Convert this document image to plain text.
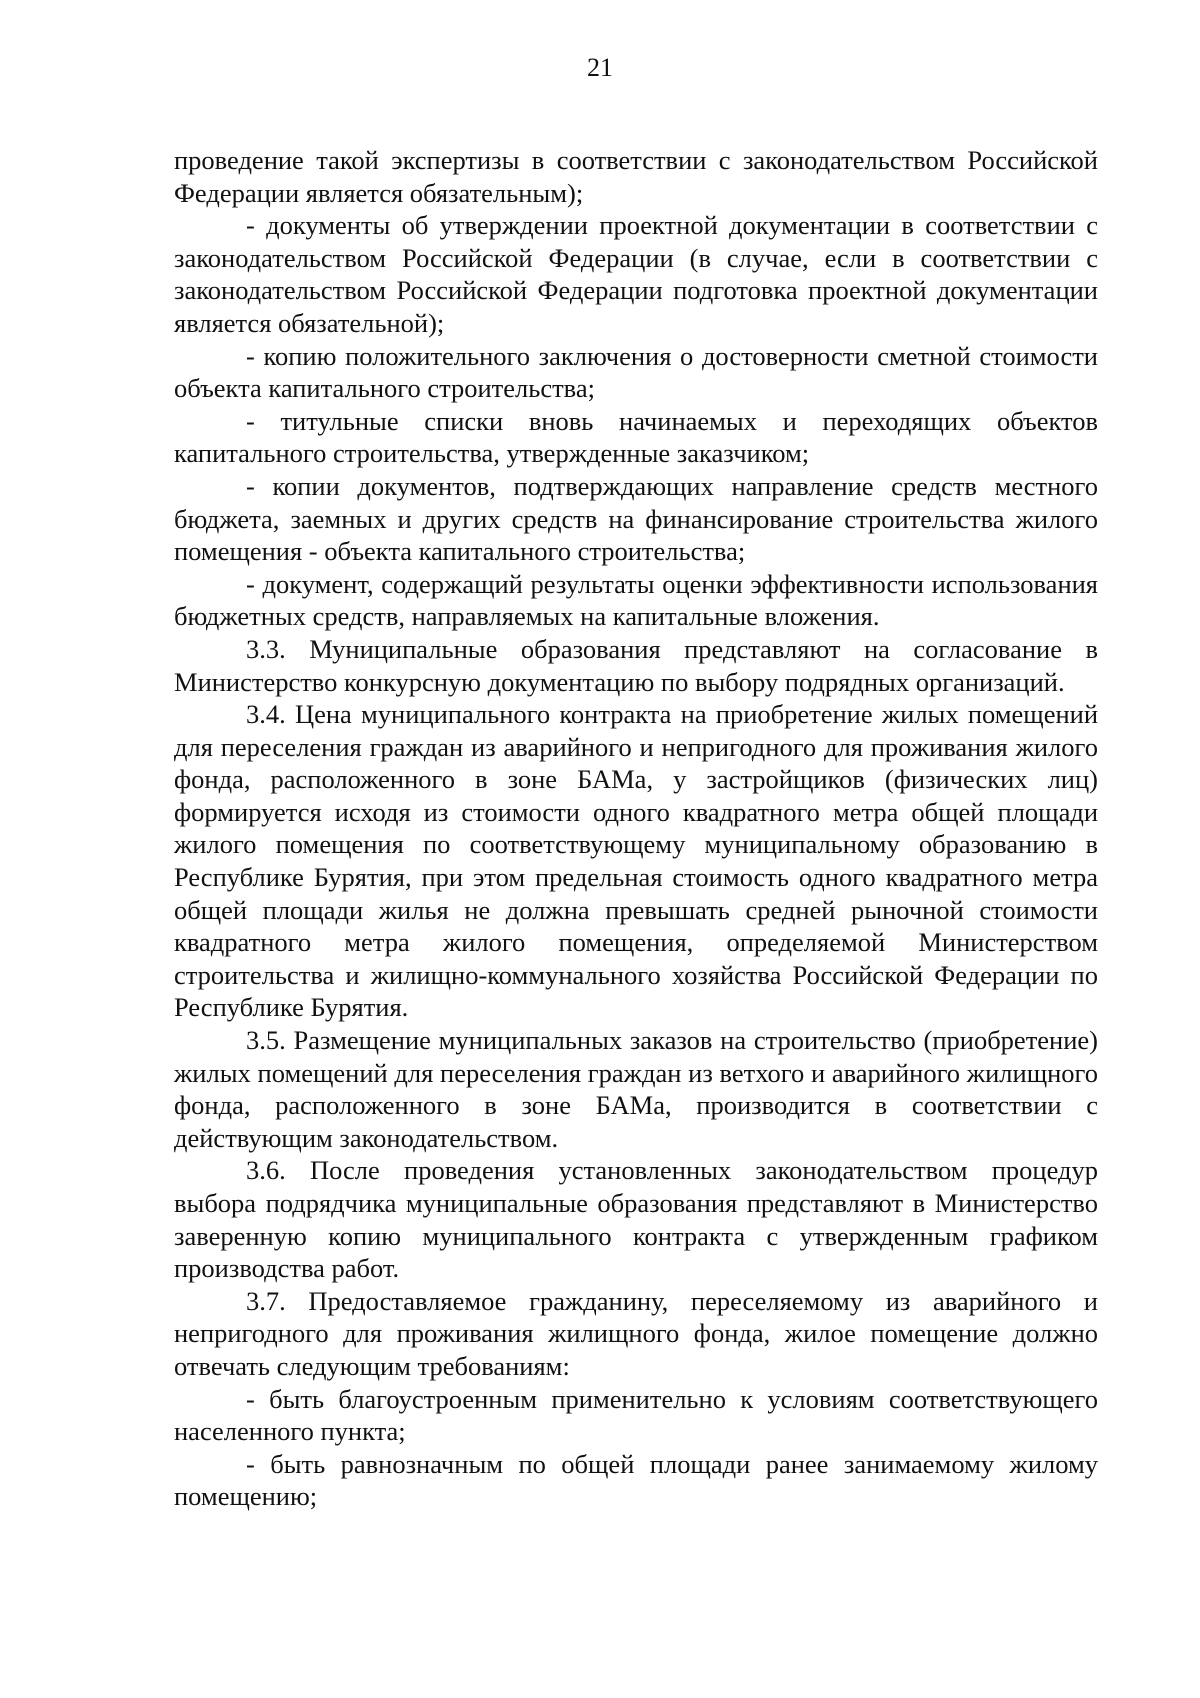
21

проведение такой экспертизы в соответствии с законодательством Российской Федерации является обязательным);

- документы об утверждении проектной документации в соответствии с законодательством Российской Федерации (в случае, если в соответствии с законодательством Российской Федерации подготовка проектной документации является обязательной);

- копию положительного заключения о достоверности сметной стоимости объекта капитального строительства;

- титульные списки вновь начинаемых и переходящих объектов капитального строительства, утвержденные заказчиком;

- копии документов, подтверждающих направление средств местного бюджета, заемных и других средств на финансирование строительства жилого помещения - объекта капитального строительства;

- документ, содержащий результаты оценки эффективности использования бюджетных средств, направляемых на капитальные вложения.

3.3. Муниципальные образования представляют на согласование в Министерство конкурсную документацию по выбору подрядных организаций.

3.4. Цена муниципального контракта на приобретение жилых помещений для переселения граждан из аварийного и непригодного для проживания жилого фонда, расположенного в зоне БАМа, у застройщиков (физических лиц) формируется исходя из стоимости одного квадратного метра общей площади жилого помещения по соответствующему муниципальному образованию в Республике Бурятия, при этом предельная стоимость одного квадратного метра общей площади жилья не должна превышать средней рыночной стоимости квадратного метра жилого помещения, определяемой Министерством строительства и жилищно-коммунального хозяйства Российской Федерации по Республике Бурятия.

3.5. Размещение муниципальных заказов на строительство (приобретение) жилых помещений для переселения граждан из ветхого и аварийного жилищного фонда, расположенного в зоне БАМа, производится в соответствии с действующим законодательством.

3.6. После проведения установленных законодательством процедур выбора подрядчика муниципальные образования представляют в Министерство заверенную копию муниципального контракта с утвержденным графиком производства работ.

3.7. Предоставляемое гражданину, переселяемому из аварийного и непригодного для проживания жилищного фонда, жилое помещение должно отвечать следующим требованиям:

- быть благоустроенным применительно к условиям соответствующего населенного пункта;

- быть равнозначным по общей площади ранее занимаемому жилому помещению;
